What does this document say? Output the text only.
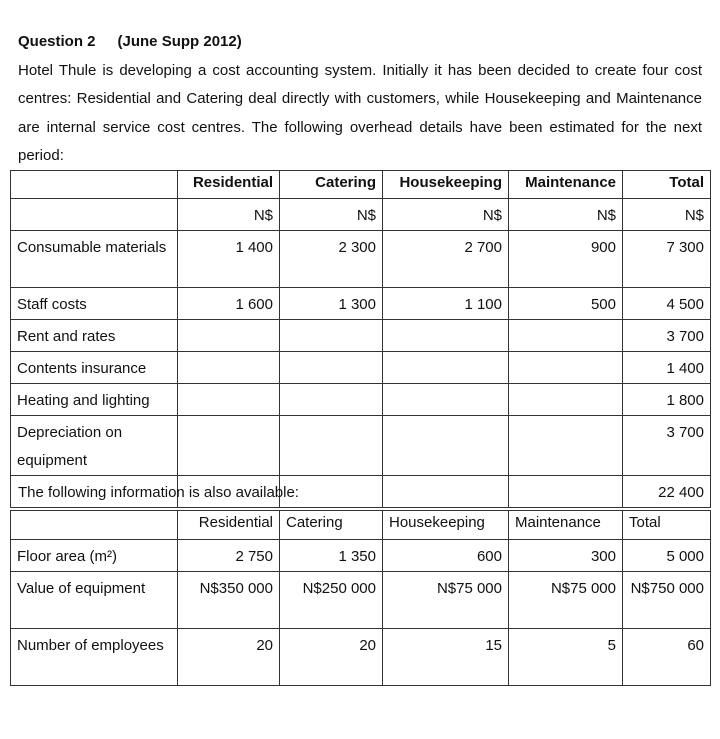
Question 2 (June Supp 2012)
Hotel Thule is developing a cost accounting system. Initially it has been decided to create four cost centres: Residential and Catering deal directly with customers, while Housekeeping and Maintenance are internal service cost centres. The following overhead details have been estimated for the next period:
	Residential	Catering	Housekeeping	Maintenance	Total
	N$	N$	N$	N$	N$
Consumable materials	1 400	2 300	2 700	900	7 300
Staff costs	1 600	1 300	1 100	500	4 500
Rent and rates					3 700
Contents insurance					1 400
Heating and lighting					1 800
Depreciation on equipment					3 700
					22 400
The following information is also available:
	Residential	Catering	Housekeeping	Maintenance	Total
Floor area (m²)	2 750	1 350	600	300	5 000
Value of equipment	N$350 000	N$250 000	N$75 000	N$75 000	N$750 000
Number of employees	20	20	15	5	60
